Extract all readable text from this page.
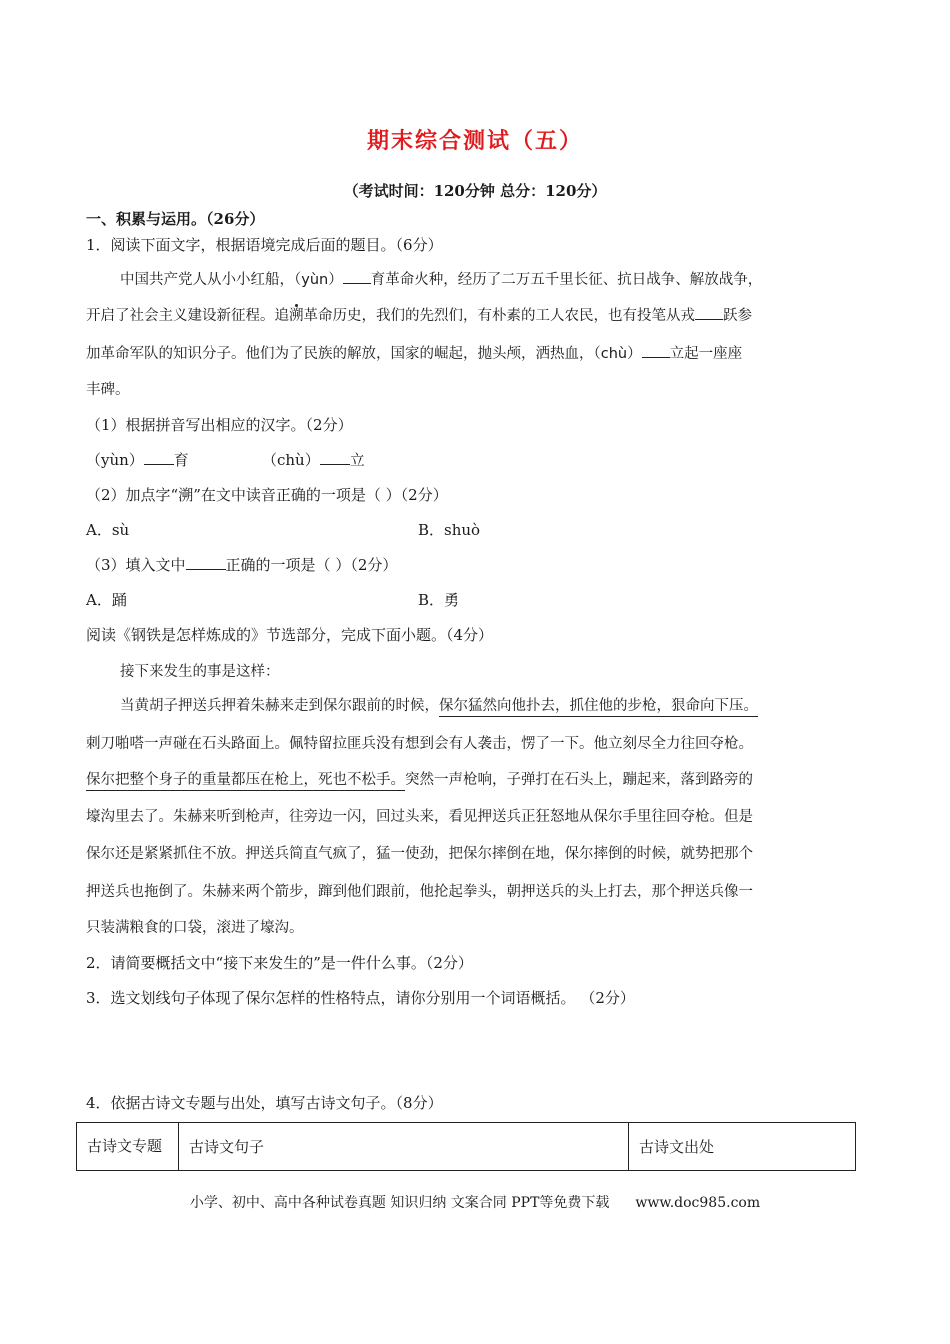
期末综合测试（五）
（考试时间：120分钟 总分：120分）
一、积累与运用。（26分）
1．阅读下面文字，根据语境完成后面的题目。（6分）
中国共产党人从小小红船，（yùn） 育革命火种，经历了二万五千里长征、抗日战争、解放战争，
开启了社会主义建设新征程。追溯革命历史，我们的先烈们，有朴素的工人农民，也有投笔从戎 跃参
加革命军队的知识分子。他们为了民族的解放，国家的崛起，抛头颅，洒热血，（chù） 立起一座座
丰碑。
（1）根据拼音写出相应的汉字。（2分）
（yùn） 育	（chù） 立
（2）加点字“溯”在文中读音正确的一项是（ ）（2分）
A．sù	B．shuò
（3）填入文中	正确的一项是（ ）（2分）
A．踊	B．勇
阅读《钢铁是怎样炼成的》节选部分，完成下面小题。（4分）
接下来发生的事是这样：
当黄胡子押送兵押着朱赫来走到保尔跟前的时候，保尔猛然向他扑去，抓住他的步枪，狠命向下压。
刺刀啪嗒一声碰在石头路面上。佩特留拉匪兵没有想到会有人袭击，愣了一下。他立刻尽全力往回夺枪。
保尔把整个身子的重量都压在枪上，死也不松手。突然一声枪响，子弹打在石头上，蹦起来，落到路旁的
壕沟里去了。朱赫来听到枪声，往旁边一闪，回过头来，看见押送兵正狂怒地从保尔手里往回夺枪。但是
保尔还是紧紧抓住不放。押送兵简直气疯了，猛一使劲，把保尔摔倒在地，保尔摔倒的时候，就势把那个
押送兵也拖倒了。朱赫来两个箭步，蹿到他们跟前，他抡起拳头，朝押送兵的头上打去，那个押送兵像一
只装满粮食的口袋，滚进了壕沟。
2．请简要概括文中“接下来发生的”是一件什么事。（2分）
3．选文划线句子体现了保尔怎样的性格特点，请你分别用一个词语概括。 （2分）
4．依据古诗文专题与出处，填写古诗文句子。（8分）
古诗文专题	古诗文句子	古诗文出处
小学、初中、高中各种试卷真题 知识归纳 文案合同 PPT等免费下载 www.doc985.com
